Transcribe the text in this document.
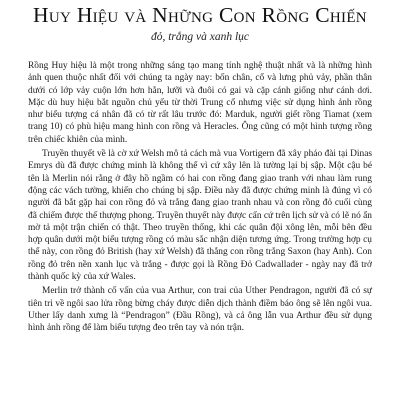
Huy Hiệu và Những Con Rồng Chiến
đỏ, trắng và xanh lục

Rồng Huy hiệu là một trong những sáng tạo mang tính nghệ thuật nhất và là những hình ảnh quen thuộc nhất đối với chúng ta ngày nay: bốn chân, cổ và lưng phủ vảy, phần thân dưới có lớp vảy cuộn lớn hơn hẳn, lưỡi và đuôi có gai và cặp cánh giống như cánh dơi. Mặc dù huy hiệu bắt nguồn chủ yếu từ thời Trung cổ nhưng việc sử dụng hình ảnh rồng như biểu tượng cá nhân đã có từ rất lâu trước đó: Marduk, người giết rồng Tiamat (xem trang 10) có phù hiệu mang hình con rồng và Heracles. Ông cũng có một hình tượng rồng trên chiếc khiên của mình.

Truyền thuyết về là cờ xứ Welsh mô tả cách mà vua Vortigern đã xây pháo đài tại Dinas Emrys dù đã được chứng minh là không thể vì cứ xây lên là tường lại bị sập. Một cậu bé tên là Merlin nói rằng ở đây hồ ngầm có hai con rồng đang giao tranh với nhau làm rung động các vách tường, khiến cho chúng bị sập. Điều này đã được chứng minh là đúng vì có người đã bắt gặp hai con rồng đỏ và trắng đang giao tranh nhau và con rồng đỏ cuối cùng đã chiếm được thế thượng phong. Truyền thuyết này được cấn cứ trên lịch sử và có lẽ nó ẩn mờ tả một trận chiến có thật. Theo truyền thống, khi các quân đội xông lên, mỗi bên đều hợp quân dưới một biểu tượng rồng có màu sắc nhận diện tương ứng. Trong trường hợp cụ thể này, con rồng đỏ British (hay xứ Welsh) đã thắng con rồng trắng Saxon (hay Anh). Con rồng đỏ trên nền xanh lục và trắng - được gọi là Rồng Đỏ Cadwallader - ngày nay đã trở thành quốc kỳ của xứ Wales.

Merlin trở thành cố vấn của vua Arthur, con trai của Uther Pendragon, người đã có sự tiên tri về ngôi sao lửa rồng bừng cháy được diễn dịch thành điềm báo ông sẽ lên ngôi vua. Uther lấy danh xưng là “Pendragon” (Đầu Rồng), và cả ông lẫn vua Arthur đều sử dụng hình ảnh rồng để làm biểu tượng đeo trên tay và nón trận.
